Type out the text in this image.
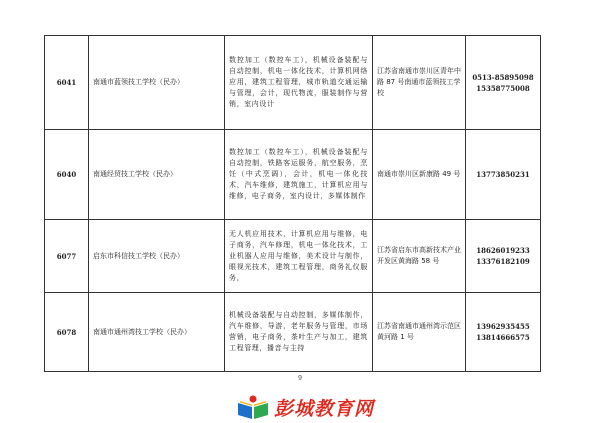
6041	南通市蓝领技工学校（民办）	数控加工（数控车工），机械设备装配与自动控制，机电一体化技术，计算机网络应用，建筑工程管理，城市轨道交通运输与管理，会计，现代物流，服装制作与营销，室内设计	江苏省南通市崇川区青年中路 87 号南通市蓝领技工学校	0513-85895098
15358775008

6040	南通经贸技工学校（民办）	数控加工（数控车工），机械设备装配与自动控制，铁路客运服务，航空服务，烹饪（中式烹调），会计，机电一体化技术，汽车维修，建筑施工，计算机应用与维修，电子商务，室内设计，多媒体制作	南通市崇川区新康路 49 号	13773850231

6077	启东市科信技工学校（民办）	无人机应用技术，计算机应用与维修，电子商务，汽车修理，机电一体化技术，工业机器人应用与维修，美术设计与制作，眼视光技术，建筑工程管理，商务礼仪服务，	江苏省启东市高新技术产业开发区黄海路 58 号	18626019233
13376182109

6078	南通市通州湾技工学校（民办）	机械设备装配与自动控制，多媒体制作，汽车维修，导游，老年服务与管理，市场营销，电子商务，茶叶生产与加工，建筑工程管理，播音与主持	江苏省南通市通州湾示范区黄河路 1 号	13962935455
13814666575
9
彭城教育网
